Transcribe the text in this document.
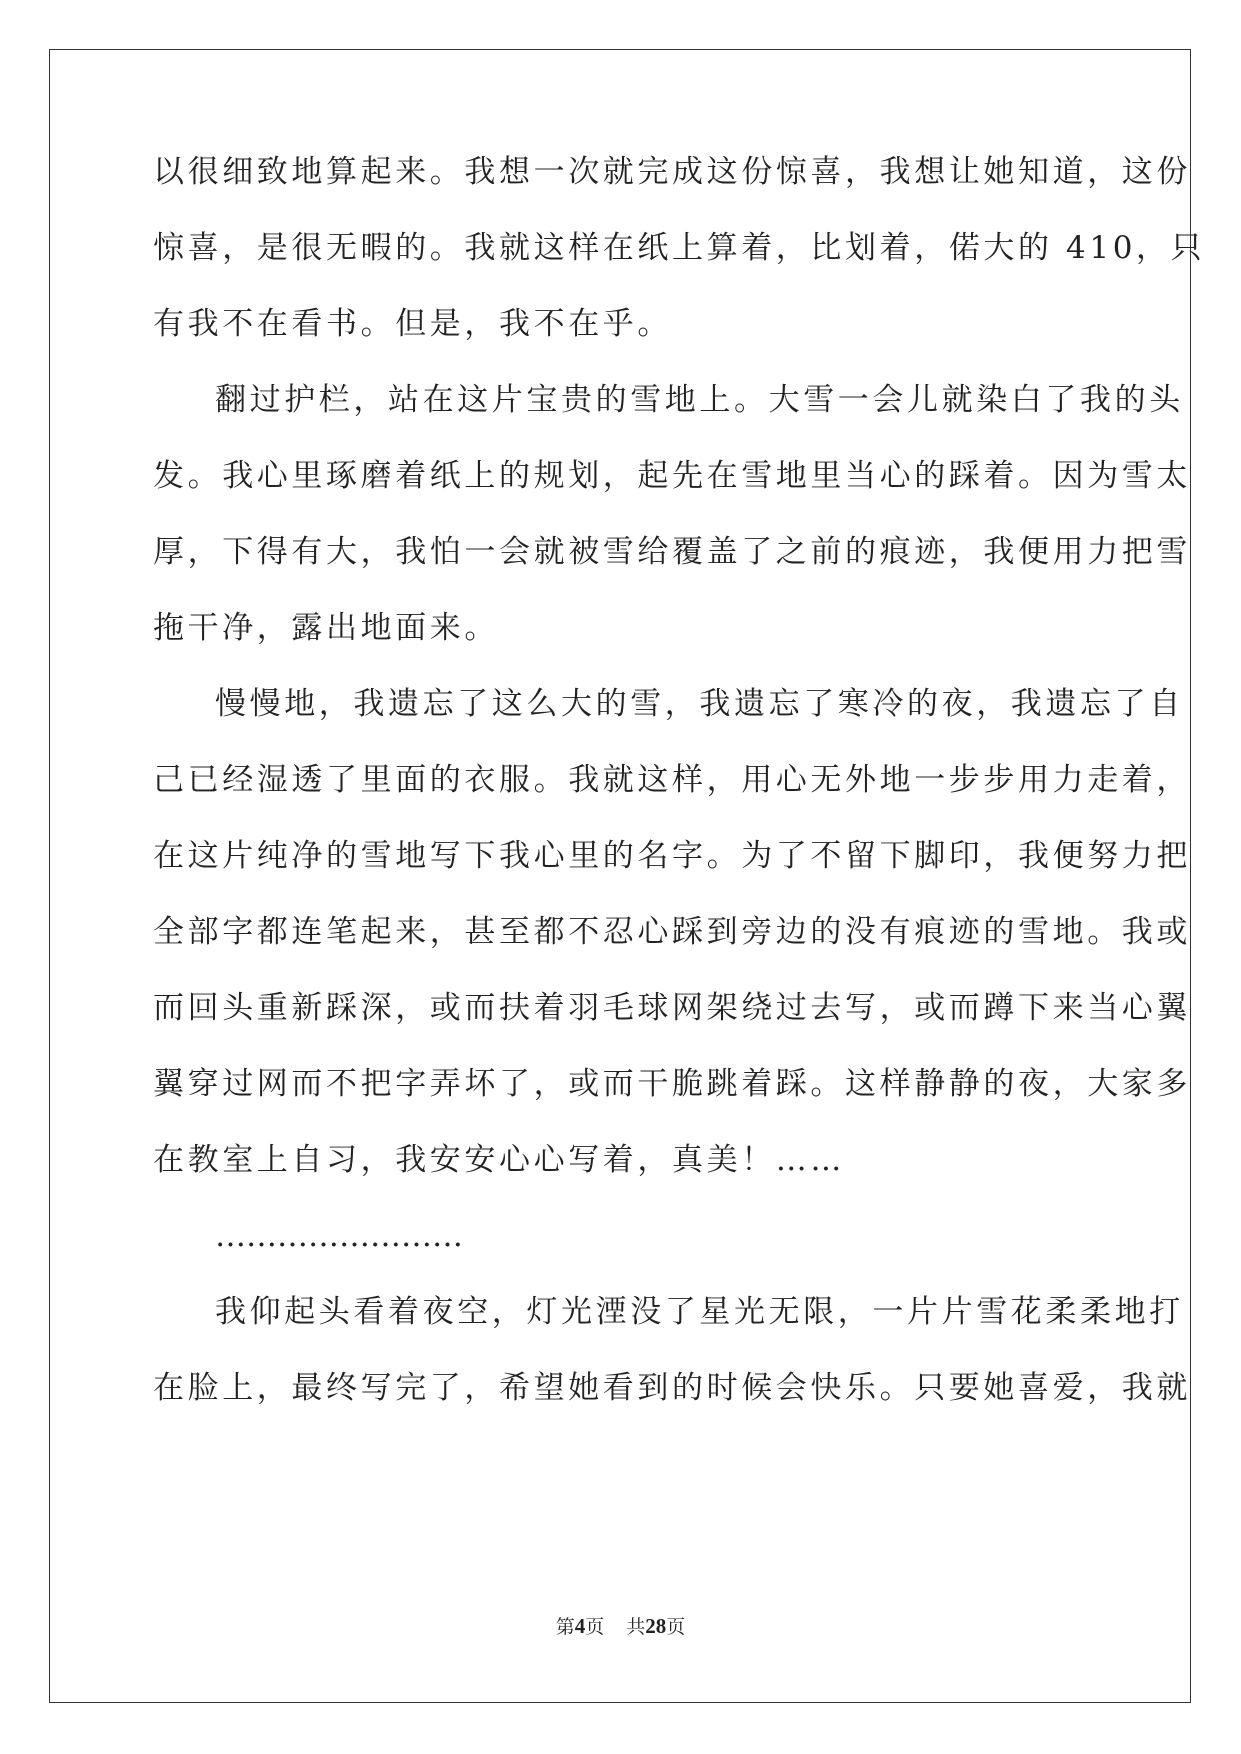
以很细致地算起来。我想一次就完成这份惊喜，我想让她知道，这份
惊喜，是很无暇的。我就这样在纸上算着，比划着，偌大的 410，只
有我不在看书。但是，我不在乎。
翻过护栏，站在这片宝贵的雪地上。大雪一会儿就染白了我的头
发。我心里琢磨着纸上的规划，起先在雪地里当心的踩着。因为雪太
厚，下得有大，我怕一会就被雪给覆盖了之前的痕迹，我便用力把雪
拖干净，露出地面来。
慢慢地，我遗忘了这么大的雪，我遗忘了寒冷的夜，我遗忘了自
己已经湿透了里面的衣服。我就这样，用心无外地一步步用力走着，
在这片纯净的雪地写下我心里的名字。为了不留下脚印，我便努力把
全部字都连笔起来，甚至都不忍心踩到旁边的没有痕迹的雪地。我或
而回头重新踩深，或而扶着羽毛球网架绕过去写，或而蹲下来当心翼
翼穿过网而不把字弄坏了，或而干脆跳着踩。这样静静的夜，大家多
在教室上自习，我安安心心写着，真美！……
……………………
我仰起头看着夜空，灯光湮没了星光无限，一片片雪花柔柔地打
在脸上，最终写完了，希望她看到的时候会快乐。只要她喜爱，我就
第4页 共28页
